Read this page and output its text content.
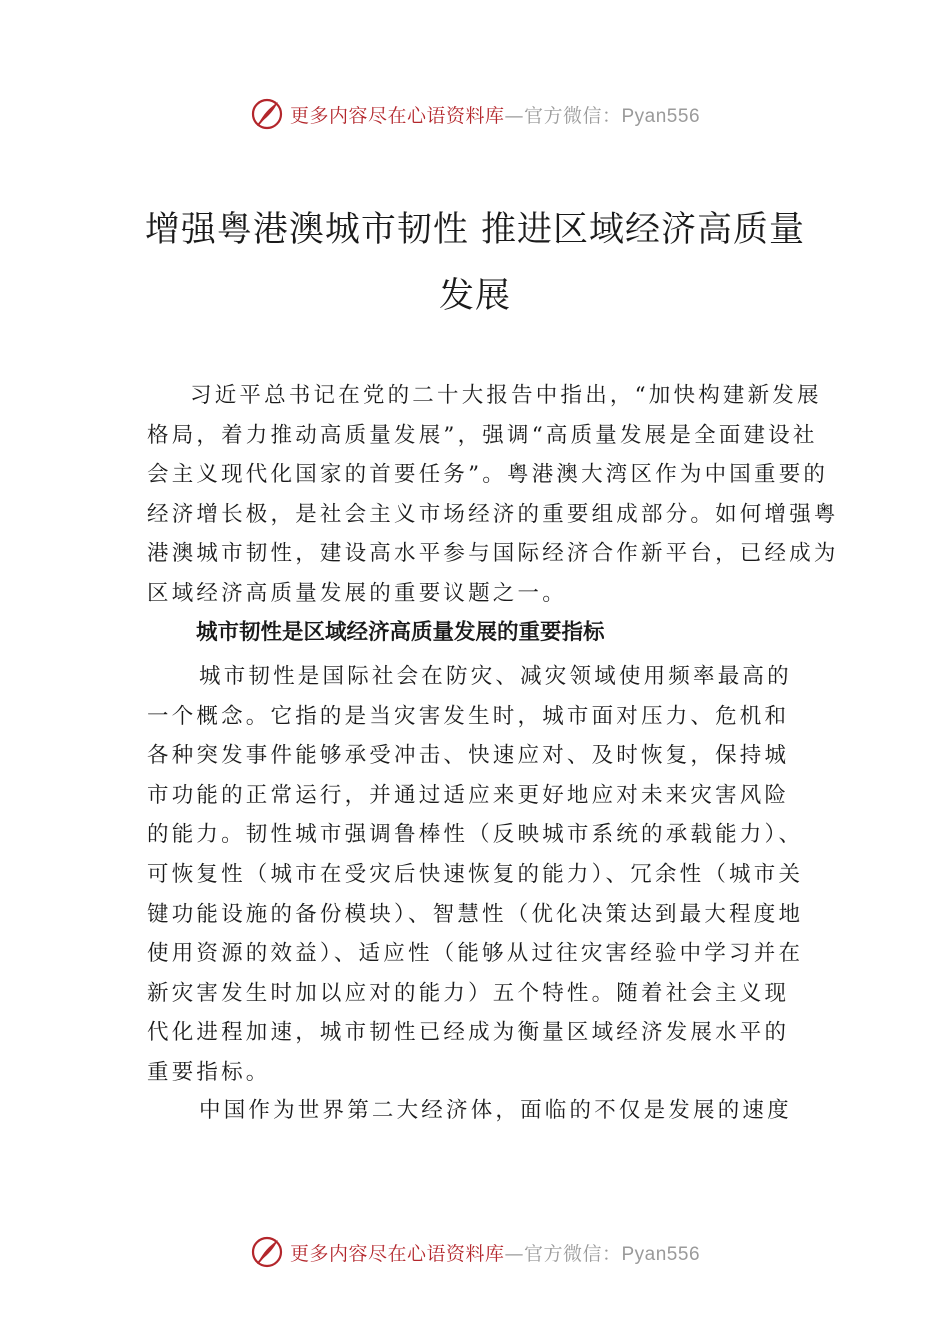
更多内容尽在心语资料库—官方微信：Pyan556
增强粤港澳城市韧性 推进区域经济高质量
发展

习近平总书记在党的二十大报告中指出，“加快构建新发展格局，着力推动高质量发展”，强调“高质量发展是全面建设社会主义现代化国家的首要任务”。粤港澳大湾区作为中国重要的经济增长极，是社会主义市场经济的重要组成部分。如何增强粤港澳城市韧性，建设高水平参与国际经济合作新平台，已经成为区域经济高质量发展的重要议题之一。

城市韧性是区域经济高质量发展的重要指标

城市韧性是国际社会在防灾、减灾领域使用频率最高的一个概念。它指的是当灾害发生时，城市面对压力、危机和各种突发事件能够承受冲击、快速应对、及时恢复，保持城市功能的正常运行，并通过适应来更好地应对未来灾害风险的能力。韧性城市强调鲁棒性（反映城市系统的承载能力）、可恢复性（城市在受灾后快速恢复的能力）、冗余性（城市关键功能设施的备份模块）、智慧性（优化决策达到最大程度地使用资源的效益）、适应性（能够从过往灾害经验中学习并在新灾害发生时加以应对的能力）五个特性。随着社会主义现代化进程加速，城市韧性已经成为衡量区域经济发展水平的重要指标。

中国作为世界第二大经济体，面临的不仅是发展的速度

更多内容尽在心语资料库—官方微信：Pyan556
